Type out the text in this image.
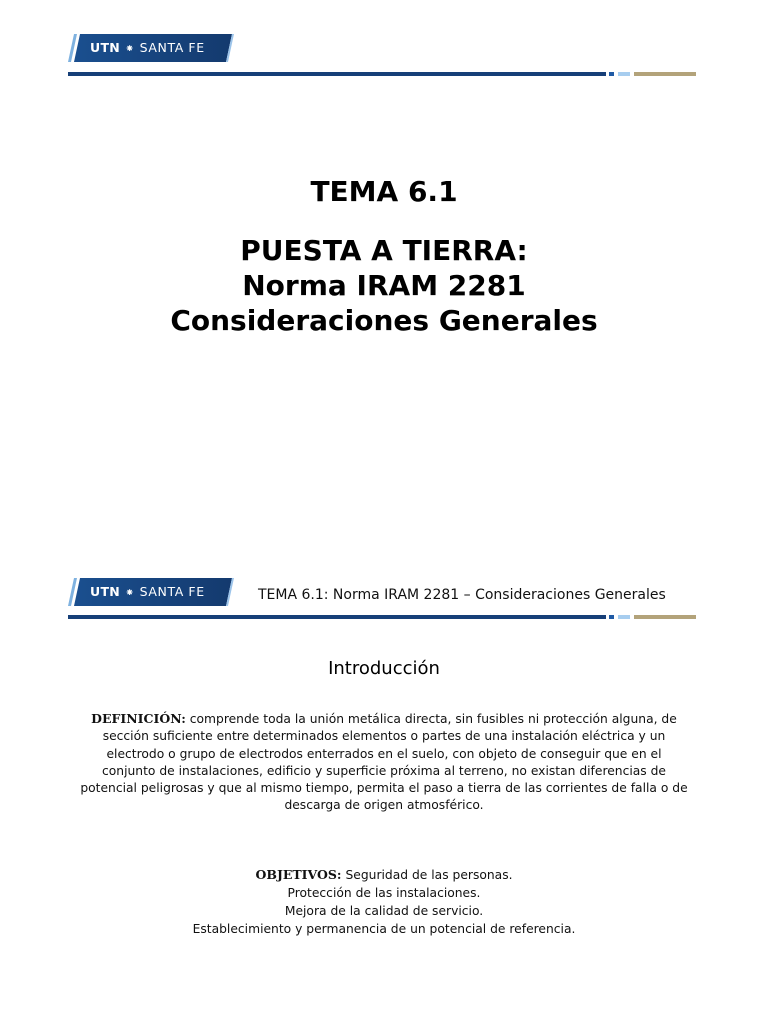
UTN ⁕ SANTA FE
TEMA 6.1
PUESTA A TIERRA:
Norma IRAM 2281
Consideraciones Generales
UTN ⁕ SANTA FE	TEMA 6.1: Norma IRAM 2281 – Consideraciones Generales
Introducción
DEFINICIÓN: comprende toda la unión metálica directa, sin fusibles ni protección alguna, de sección suficiente entre determinados elementos o partes de una instalación eléctrica y un electrodo o grupo de electrodos enterrados en el suelo, con objeto de conseguir que en el conjunto de instalaciones, edificio y superficie próxima al terreno, no existan diferencias de potencial peligrosas y que al mismo tiempo, permita el paso a tierra de las corrientes de falla o de descarga de origen atmosférico.
OBJETIVOS: Seguridad de las personas.
Protección de las instalaciones.
Mejora de la calidad de servicio.
Establecimiento y permanencia de un potencial de referencia.
